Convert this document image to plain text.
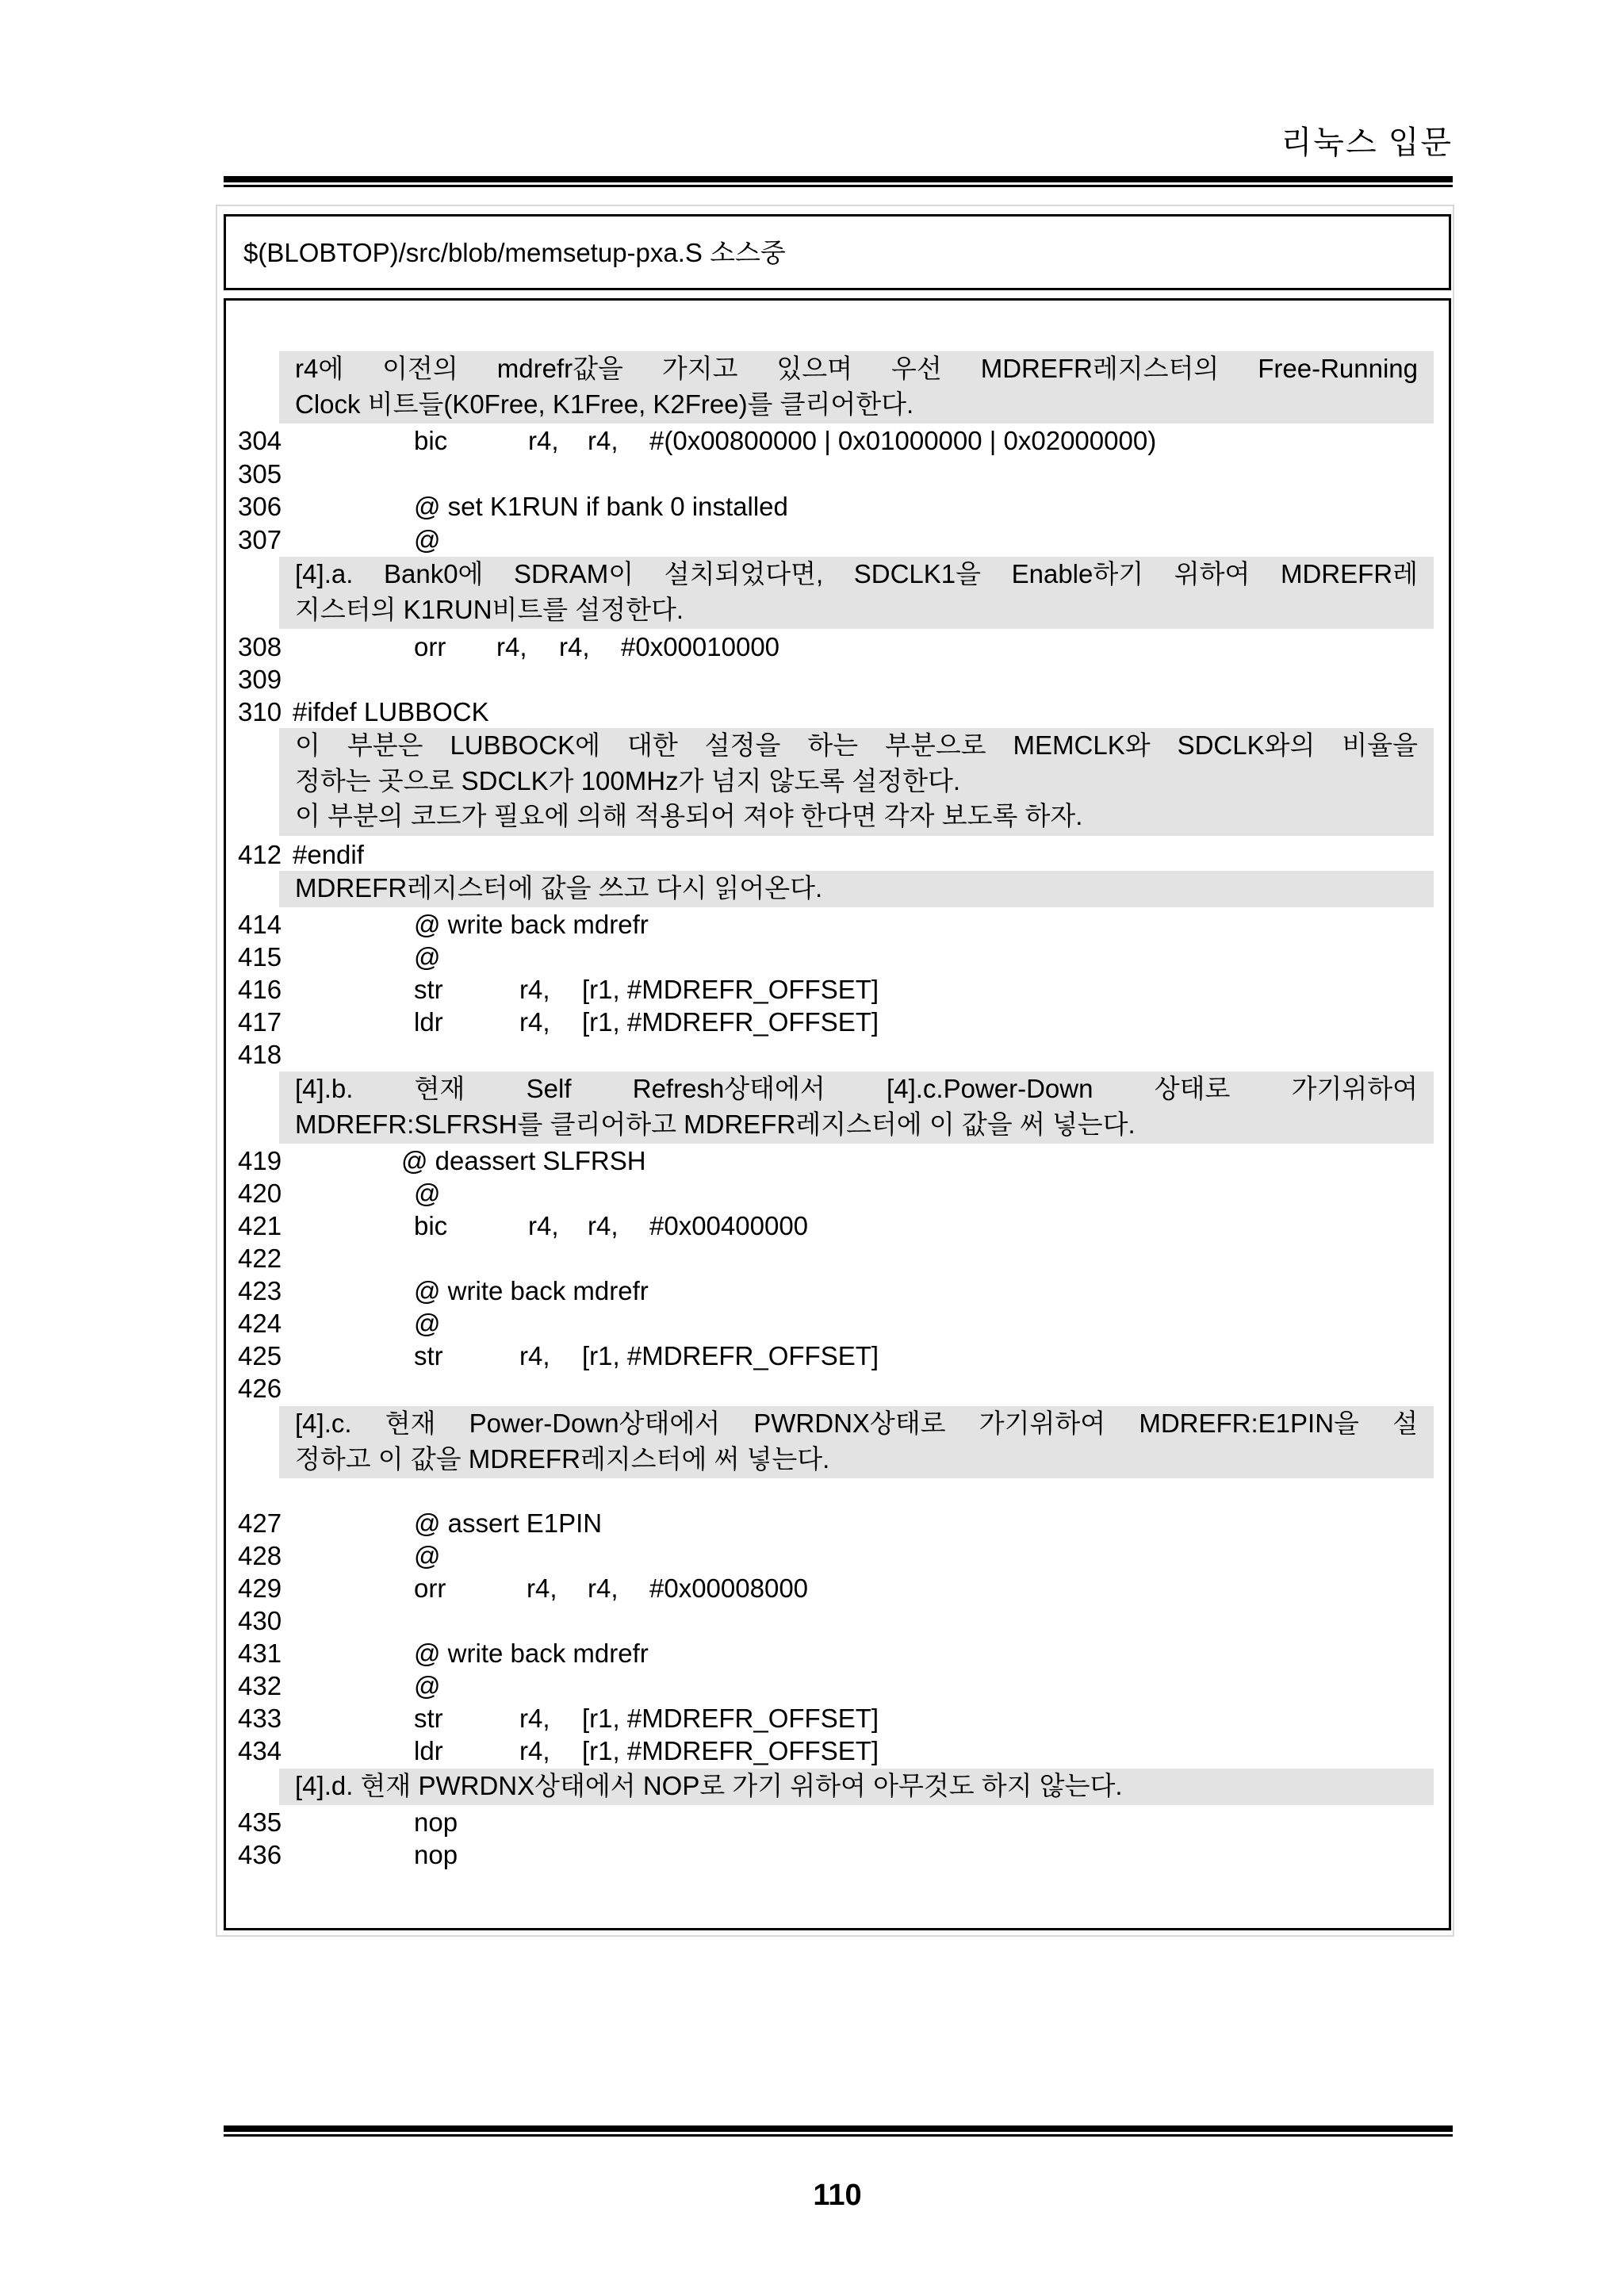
리눅스 입문
$(BLOBTOP)/src/blob/memsetup-pxa.S 소스중
r4에 이전의 mdrefr값을 가지고 있으며 우선 MDREFR레지스터의 Free-Running
Clock 비트들(K0Free, K1Free, K2Free)를 클리어한다.
304	bic	r4, r4, #(0x00800000 | 0x01000000 | 0x02000000)
305
306	@ set K1RUN if bank 0 installed
307	@
[4].a. Bank0에 SDRAM이 설치되었다면, SDCLK1을 Enable하기 위하여 MDREFR레
지스터의 K1RUN비트를 설정한다.
308	orr r4, r4, #0x00010000
309
310 #ifdef LUBBOCK
이 부분은 LUBBOCK에 대한 설정을 하는 부분으로 MEMCLK와 SDCLK와의 비율을
정하는 곳으로 SDCLK가 100MHz가 넘지 않도록 설정한다.
이 부분의 코드가 필요에 의해 적용되어 져야 한다면 각자 보도록 하자.
412 #endif
MDREFR레지스터에 값을 쓰고 다시 읽어온다.
414	@ write back mdrefr
415	@
416	str	r4, [r1, #MDREFR_OFFSET]
417	ldr	r4, [r1, #MDREFR_OFFSET]
418
[4].b. 현재 Self Refresh상태에서 [4].c.Power-Down 상태로 가기위하여
MDREFR:SLFRSH를 클리어하고 MDREFR레지스터에 이 값을 써 넣는다.
419	@ deassert SLFRSH
420	@
421	bic	r4, r4, #0x00400000
422
423	@ write back mdrefr
424	@
425	str	r4, [r1, #MDREFR_OFFSET]
426
[4].c. 현재 Power-Down상태에서 PWRDNX상태로 가기위하여 MDREFR:E1PIN을 설
정하고 이 값을 MDREFR레지스터에 써 넣는다.
427	@ assert E1PIN
428	@
429	orr	r4, r4, #0x00008000
430
431	@ write back mdrefr
432	@
433	str	r4, [r1, #MDREFR_OFFSET]
434	ldr	r4, [r1, #MDREFR_OFFSET]
[4].d. 현재 PWRDNX상태에서 NOP로 가기 위하여 아무것도 하지 않는다.
435	nop
436	nop
110
